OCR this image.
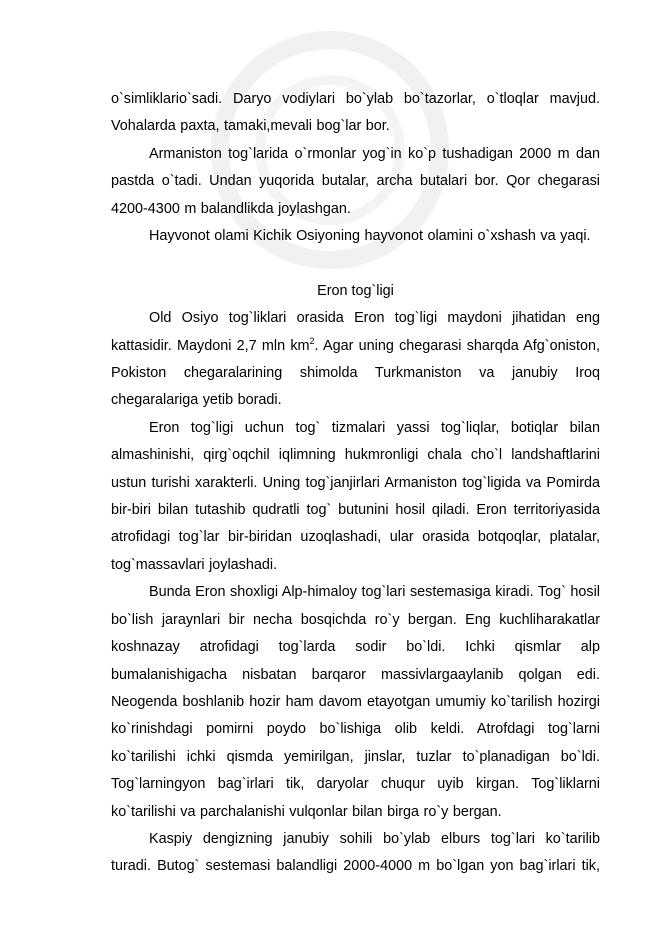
o`simliklario`sadi. Daryo vodiylari bo`ylab bo`tazorlar, o`tloqlar mavjud. Vohalarda paxta, tamaki,mevali bog`lar bor.

Armaniston tog`larida o`rmonlar yog`in ko`p tushadigan 2000 m dan pastda o`tadi. Undan yuqorida butalar, archa butalari bor. Qor chegarasi 4200-4300 m balandlikda joylashgan.

Hayvonot olami Kichik Osiyoning hayvonot olamini o`xshash va yaqi.

Eron tog`ligi

Old Osiyo tog`liklari orasida Eron tog`ligi maydoni jihatidan eng kattasidir. Maydoni 2,7 mln $km^2$. Agar uning chegarasi sharqda Afg`oniston, Pokiston chegaralarining shimolda Turkmaniston va janubiy Iroq chegaralariga yetib boradi.

Eron tog`ligi uchun tog` tizmalari yassi tog`liqlar, botiqlar bilan almashinishi, qirg`oqchil iqlimning hukmronligi chala cho`l landshaftlarini ustun turishi xarakterli. Uning tog`janjirlari Armaniston tog`ligida va Pomirda bir-biri bilan tutashib qudratli tog` butunini hosil qiladi. Eron territoriyasida atrofidagi tog`lar bir-biridan uzoqlashadi, ular orasida botqoqlar, platalar, tog`massavlari joylashadi.

Bunda Eron shoxligi Alp-himaloy tog`lari sestemasiga kiradi. Tog` hosil bo`lish jaraynlari bir necha bosqichda ro`y bergan. Eng kuchliharakatlar koshnazay atrofidagi tog`larda sodir bo`ldi. Ichki qismlar alp bumalanishigacha nisbatan barqaror massivlargaaylanib qolgan edi. Neogenda boshlanib hozir ham davom etayotgan umumiy ko`tarilish hozirgi ko`rinishdagi pomirni poydo bo`lishiga olib keldi. Atrofdagi tog`larni ko`tarilishi ichki qismda yemirilgan, jinslar, tuzlar to`planadigan bo`ldi. Tog`larningyon bag`irlari tik, daryolar chuqur uyib kirgan. Tog`liklarni ko`tarilishi va parchalanishi vulqonlar bilan birga ro`y bergan.

Kaspiy dengizning janubiy sohili bo`ylab elburs tog`lari ko`tarilib turadi. Butog` sestemasi balandligi 2000-4000 m bo`lgan yon bag`irlari tik,
